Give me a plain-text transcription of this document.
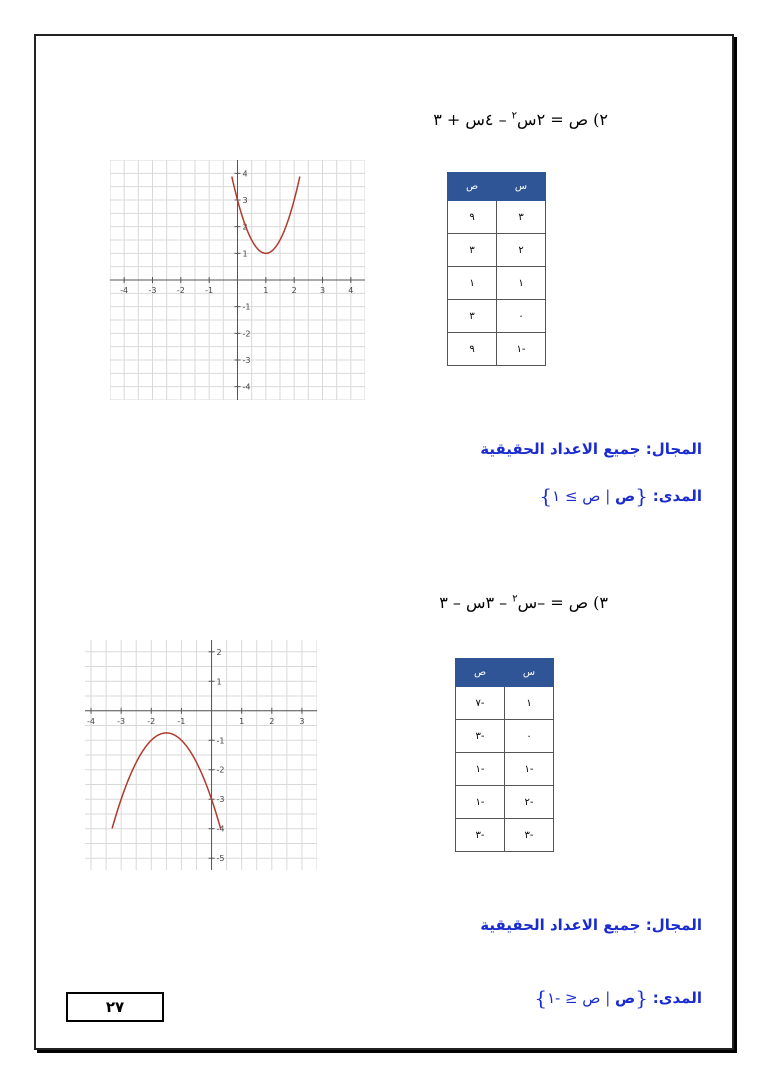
٢) ص = ٢س$^٢$ – ٤س + ٣
-4	-3	-2	-1	1	2	3	4
-4
-3
-2
-1
1
2
3
4
س	ص
٣	٩
٢	٣
١	١
٠	٣
-١	٩
المجال: جميع الاعداد الحقيقية
المدى: {ص | ص ≥ ١}
٣) ص = –س$^٢$ – ٣س – ٣
-4	-3	-2	-1	1	2	3
-5
-4
-3
-2
-1
1
2
س	ص
١	-٧
٠	-٣
-١	-١
-٢	-١
-٣	-٣
المجال: جميع الاعداد الحقيقية
المدى: {ص | ص ≤ -١}
٢٧
